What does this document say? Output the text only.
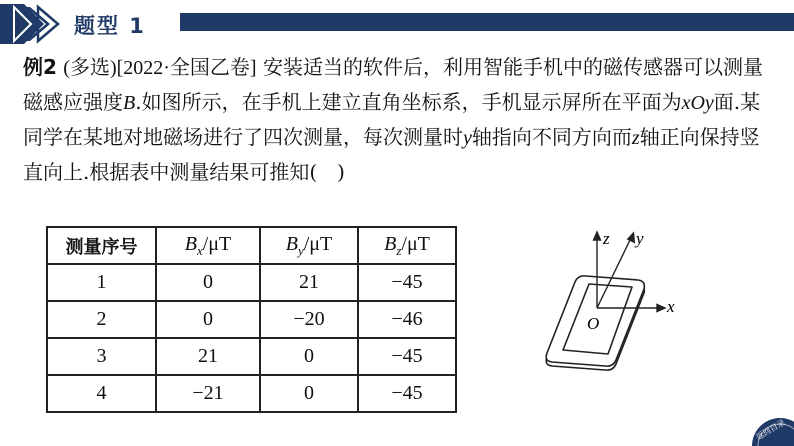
题型 1
例2 (多选)[2022·全国乙卷] 安装适当的软件后，利用智能手机中的磁传感器可以测量磁感应强度B.如图所示，在手机上建立直角坐标系，手机显示屏所在平面为xOy面.某同学在某地对地磁场进行了四次测量，每次测量时y轴指向不同方向而z轴正向保持竖直向上.根据表中测量结果可推知(　)
测量序号	$B_x/\mu T$	$B_y/\mu T$	$B_z/\mu T$
1	0	21	−45
2	0	−20	−46
3	21	0	−45
4	−21	0	−45
z y
x
O
返回目录
